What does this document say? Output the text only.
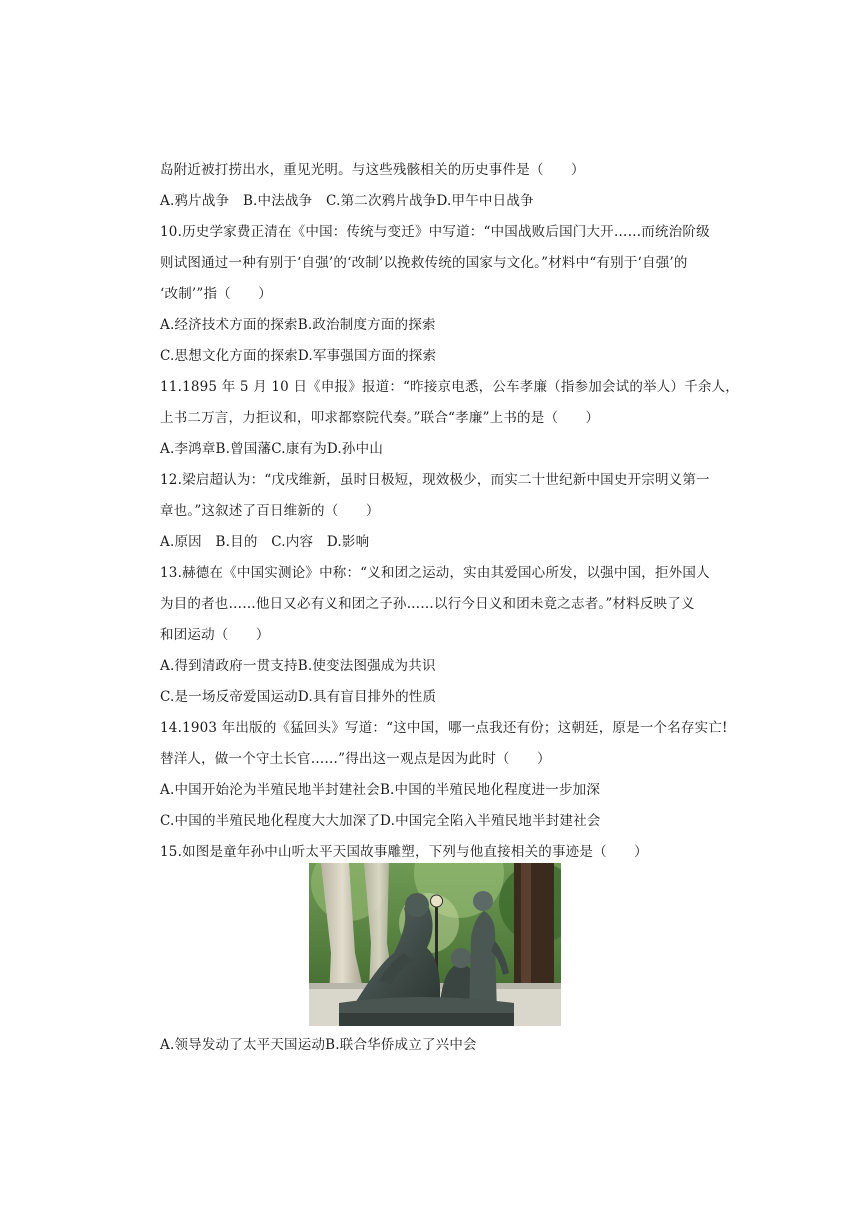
岛附近被打捞出水，重见光明。与这些残骸相关的历史事件是（　　）
A.鸦片战争　B.中法战争　C.第二次鸦片战争D.甲午中日战争
10.历史学家费正清在《中国：传统与变迁》中写道：“中国战败后国门大开……而统治阶级
则试图通过一种有别于‘自强’的‘改制’以挽救传统的国家与文化。”材料中“有别于‘自强’的
‘改制’”指（　　）
A.经济技术方面的探索B.政治制度方面的探索
C.思想文化方面的探索D.军事强国方面的探索
11.1895 年 5 月 10 日《申报》报道：“昨接京电悉，公车孝廉（指参加会试的举人）千余人，
上书二万言，力拒议和，叩求都察院代奏。”联合“孝廉”上书的是（　　）
A.李鸿章B.曾国藩C.康有为D.孙中山
12.梁启超认为：“戊戌维新，虽时日极短，现效极少，而实二十世纪新中国史开宗明义第一
章也。”这叙述了百日维新的（　　）
A.原因　B.目的　C.内容　D.影响
13.赫德在《中国实测论》中称：“义和团之运动，实由其爱国心所发，以强中国，拒外国人
为目的者也……他日又必有义和团之子孙……以行今日义和团未竟之志者。”材料反映了义
和团运动（　　）
A.得到清政府一贯支持B.使变法图强成为共识
C.是一场反帝爱国运动D.具有盲目排外的性质
14.1903 年出版的《猛回头》写道：“这中国，哪一点我还有份；这朝廷，原是一个名存实亡!
替洋人，做一个守土长官……”得出这一观点是因为此时（　　）
A.中国开始沦为半殖民地半封建社会B.中国的半殖民地化程度进一步加深
C.中国的半殖民地化程度大大加深了D.中国完全陷入半殖民地半封建社会
15.如图是童年孙中山听太平天国故事雕塑，下列与他直接相关的事迹是（　　）
A.领导发动了太平天国运动B.联合华侨成立了兴中会
